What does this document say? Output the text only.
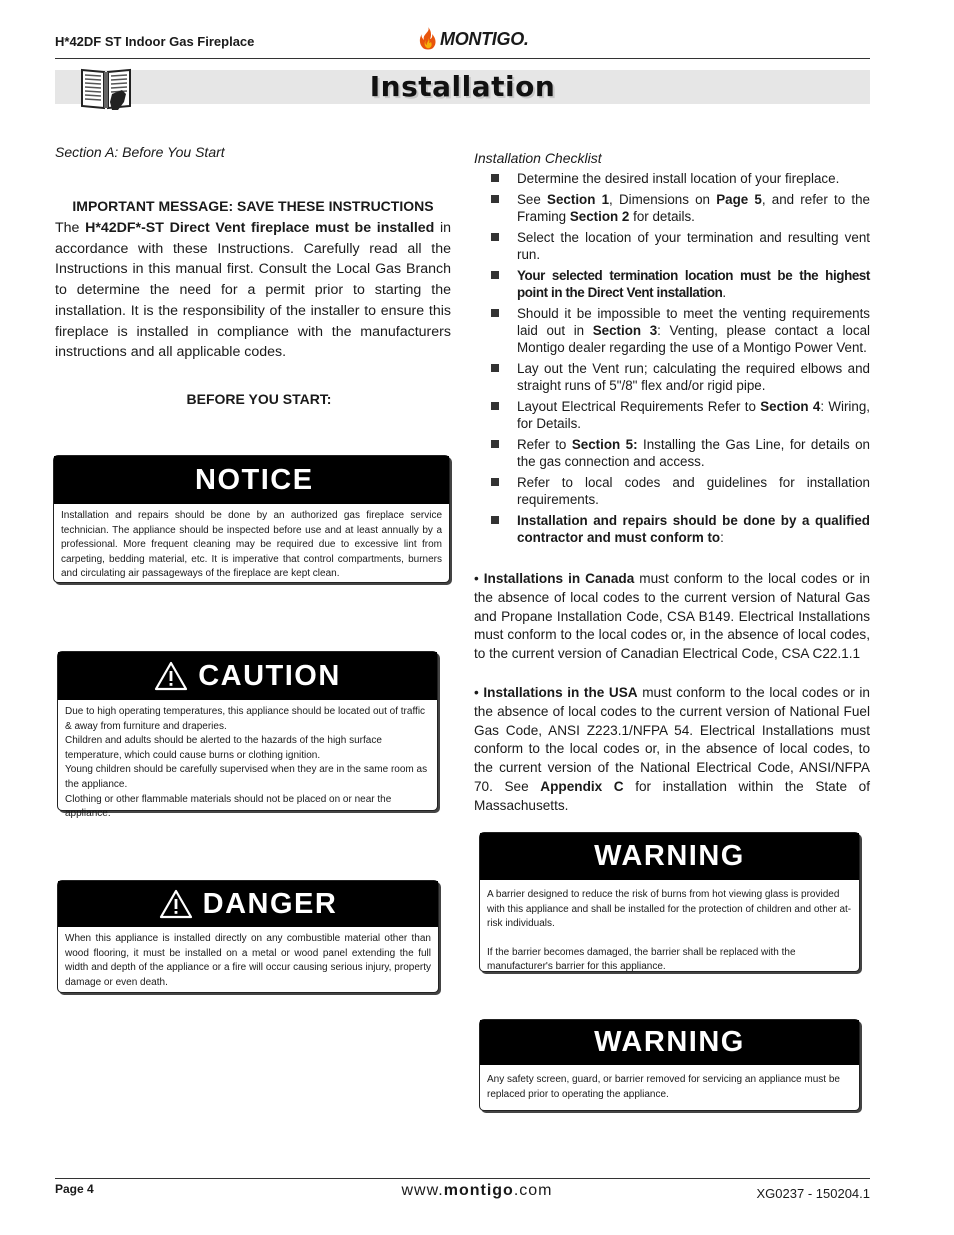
H*42DF ST Indoor Gas Fireplace	MONTIGO.
Installation
Section A: Before You Start
IMPORTANT MESSAGE: SAVE THESE INSTRUCTIONS
The H*42DF*-ST Direct Vent fireplace must be installed in accordance with these Instructions. Carefully read all the Instructions in this manual first. Consult the Local Gas Branch to determine the need for a permit prior to starting the installation. It is the responsibility of the installer to ensure this fireplace is installed in compliance with the manufacturers instructions and all applicable codes.
BEFORE YOU START:
NOTICE

Installation and repairs should be done by an authorized gas fireplace service technician. The appliance should be inspected before use and at least annually by a professional. More frequent cleaning may be required due to excessive lint from carpeting, bedding material, etc. It is imperative that control compartments, burners and circulating air passageways of the fireplace are kept clean.

CAUTION

Due to high operating temperatures, this appliance should be located out of traffic & away from furniture and draperies.

Children and adults should be alerted to the hazards of the high surface temperature, which could cause burns or clothing ignition.

Young children should be carefully supervised when they are in the same room as the appliance.

Clothing or other flammable materials should not be placed on or near the appliance.

DANGER

When this appliance is installed directly on any combustible material other than wood flooring, it must be installed on a metal or wood panel extending the full width and depth of the appliance or a fire will occur causing serious injury, property damage or even death.

Installation Checklist
Determine the desired install location of your fireplace.
See Section 1, Dimensions on Page 5, and refer to the Framing Section 2 for details.
Select the location of your termination and resulting vent run.
Your selected termination location must be the highest point in the Direct Vent installation.
Should it be impossible to meet the venting requirements laid out in Section 3: Venting, please contact a local Montigo dealer regarding the use of a Montigo Power Vent.
Lay out the Vent run; calculating the required elbows and straight runs of 5"/8" flex and/or rigid pipe.
Layout Electrical Requirements Refer to Section 4: Wiring, for Details.
Refer to Section 5: Installing the Gas Line, for details on the gas connection and access.
Refer to local codes and guidelines for installation requirements.
Installation and repairs should be done by a qualified contractor and must conform to:
• Installations in Canada must conform to the local codes or in the absence of local codes to the current version of Natural Gas and Propane Installation Code, CSA B149. Electrical Installations must conform to the local codes or, in the absence of local codes, to the current version of Canadian Electrical Code, CSA C22.1.1
• Installations in the USA must conform to the local codes or in the absence of local codes to the current version of National Fuel Gas Code, ANSI Z223.1/NFPA 54. Electrical Installations must conform to the local codes or, in the absence of local codes, to the current version of the National Electrical Code, ANSI/NFPA 70. See Appendix C for installation within the State of Massachusetts.
WARNING

A barrier designed to reduce the risk of burns from hot viewing glass is provided with this appliance and shall be installed for the protection of children and other at-risk individuals.

If the barrier becomes damaged, the barrier shall be replaced with the manufacturer's barrier for this appliance.

WARNING

Any safety screen, guard, or barrier removed for servicing an appliance must be replaced prior to operating the appliance.

Page 4	www.montigo.com	XG0237 - 150204.1
